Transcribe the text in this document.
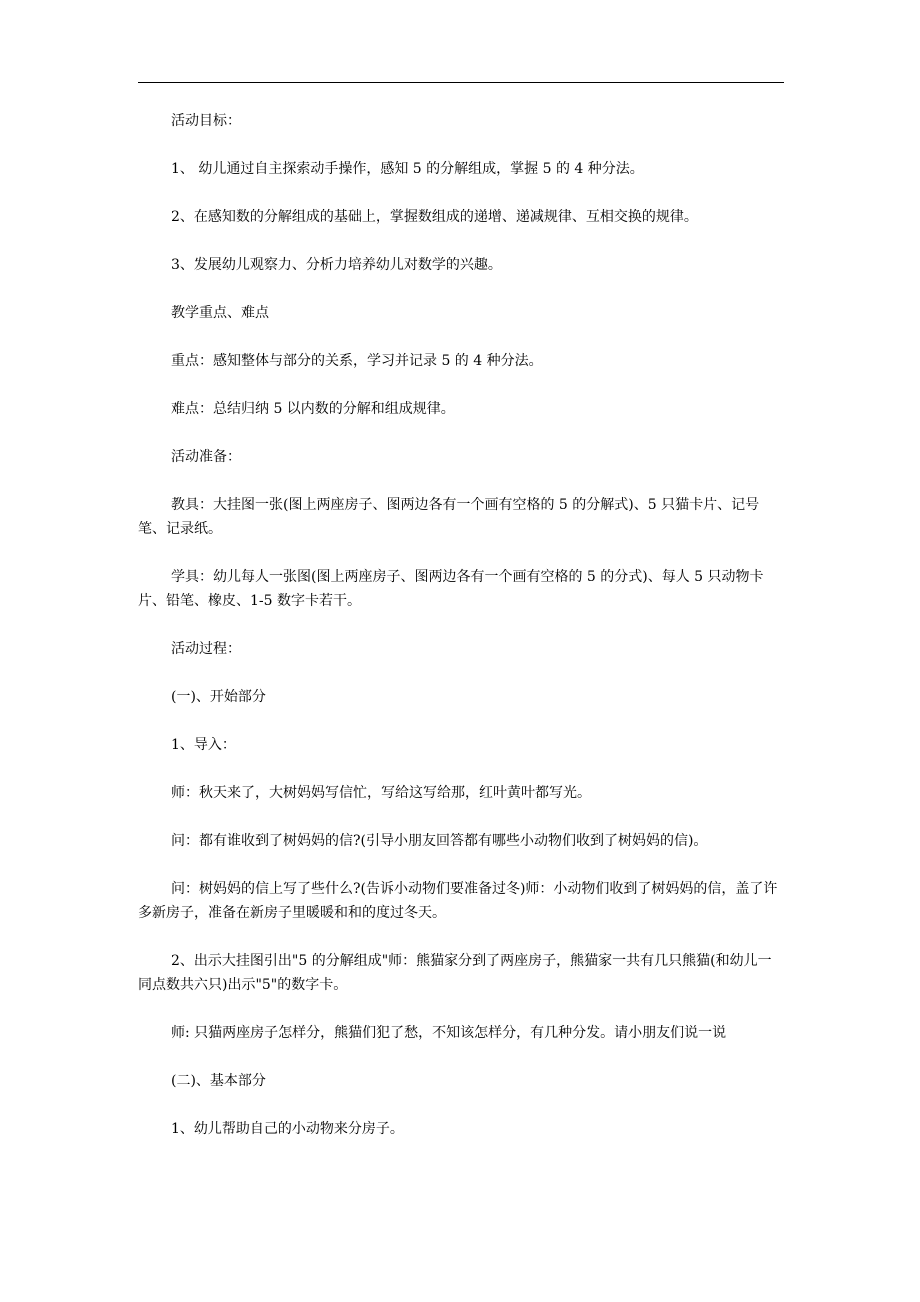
活动目标：

1、 幼儿通过自主探索动手操作，感知 5 的分解组成，掌握 5 的 4 种分法。

2、在感知数的分解组成的基础上，掌握数组成的递增、递减规律、互相交换的规律。

3、发展幼儿观察力、分析力培养幼儿对数学的兴趣。

教学重点、难点

重点：感知整体与部分的关系，学习并记录 5 的 4 种分法。

难点：总结归纳 5 以内数的分解和组成规律。

活动准备：

教具：大挂图一张(图上两座房子、图两边各有一个画有空格的 5 的分解式)、5 只猫卡片、记号笔、记录纸。

学具：幼儿每人一张图(图上两座房子、图两边各有一个画有空格的 5 的分式)、每人 5 只动物卡片、铅笔、橡皮、1-5 数字卡若干。

活动过程：

(一)、开始部分

1、导入：

师：秋天来了，大树妈妈写信忙，写给这写给那，红叶黄叶都写光。

问：都有谁收到了树妈妈的信?(引导小朋友回答都有哪些小动物们收到了树妈妈的信)。

问：树妈妈的信上写了些什么?(告诉小动物们要准备过冬)师：小动物们收到了树妈妈的信，盖了许多新房子，准备在新房子里暖暖和和的度过冬天。

2、出示大挂图引出"5 的分解组成"师：熊猫家分到了两座房子，熊猫家一共有几只熊猫(和幼儿一同点数共六只)出示"5"的数字卡。

师: 只猫两座房子怎样分，熊猫们犯了愁，不知该怎样分，有几种分发。请小朋友们说一说

(二)、基本部分

1、幼儿帮助自己的小动物来分房子。
